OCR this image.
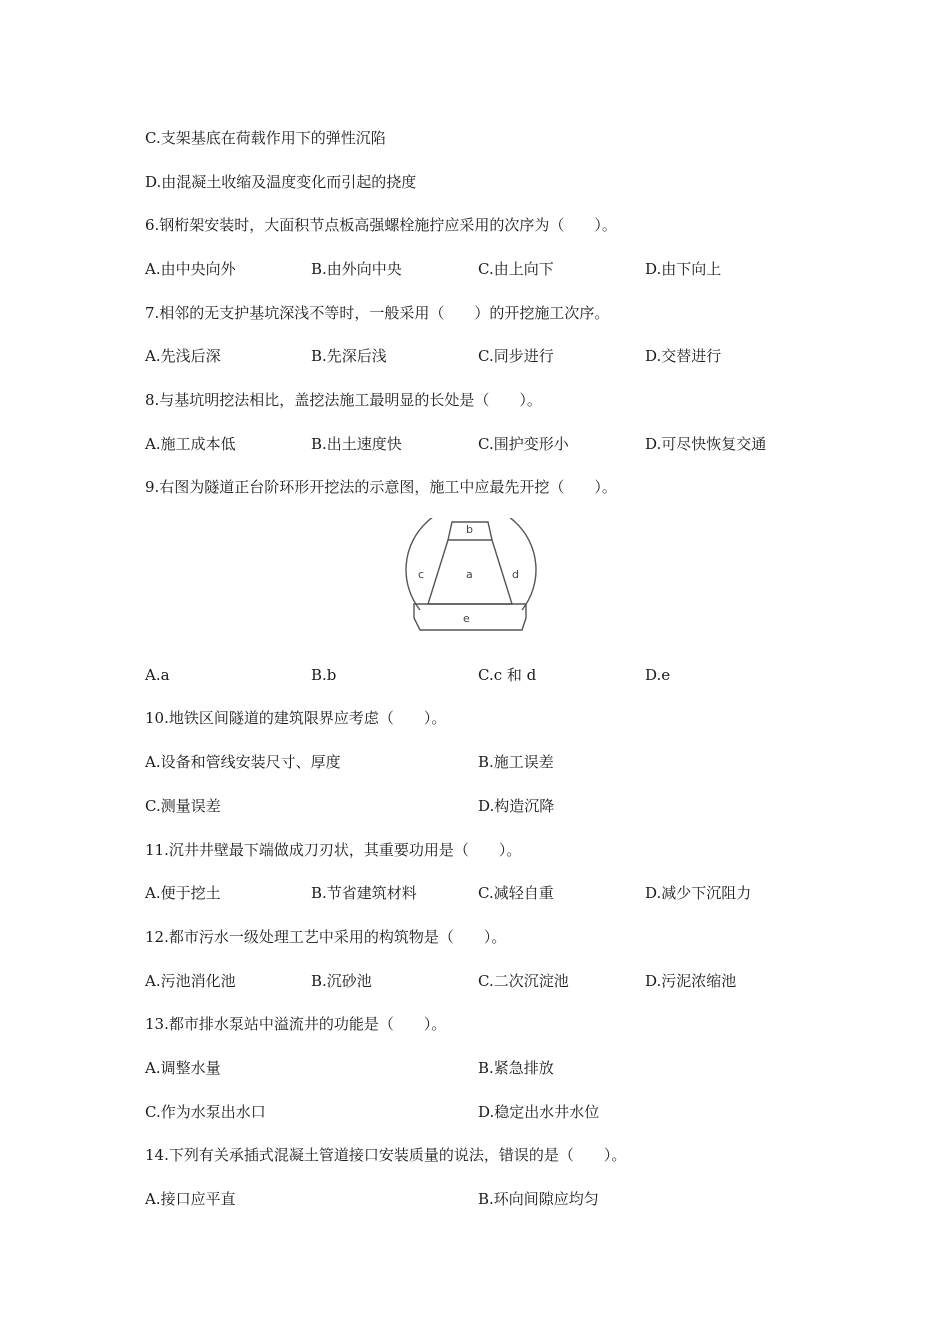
C.支架基底在荷载作用下的弹性沉陷
D.由混凝土收缩及温度变化而引起的挠度
6.钢桁架安装时，大面积节点板高强螺栓施拧应采用的次序为（　　）。
A.由中央向外	B.由外向中央	C.由上向下	D.由下向上
7.相邻的无支护基坑深浅不等时，一般采用（　　）的开挖施工次序。
A.先浅后深	B.先深后浅	C.同步进行	D.交替进行
8.与基坑明挖法相比，盖挖法施工最明显的长处是（　　）。
A.施工成本低	B.出土速度快	C.围护变形小	D.可尽快恢复交通
9.右图为隧道正台阶环形开挖法的示意图，施工中应最先开挖（　　）。
b
a
c	d
e
A.a	B.b	C.c 和 d	D.e
10.地铁区间隧道的建筑限界应考虑（　　）。
A.设备和管线安装尺寸、厚度	B.施工误差
C.测量误差	D.构造沉降
11.沉井井壁最下端做成刀刃状，其重要功用是（　　）。
A.便于挖土	B.节省建筑材料	C.减轻自重	D.减少下沉阻力
12.都市污水一级处理工艺中采用的构筑物是（　　）。
A.污池消化池	B.沉砂池	C.二次沉淀池	D.污泥浓缩池
13.都市排水泵站中溢流井的功能是（　　）。
A.调整水量	B.紧急排放
C.作为水泵出水口	D.稳定出水井水位
14.下列有关承插式混凝土管道接口安装质量的说法，错误的是（　　）。
A.接口应平直	B.环向间隙应均匀
